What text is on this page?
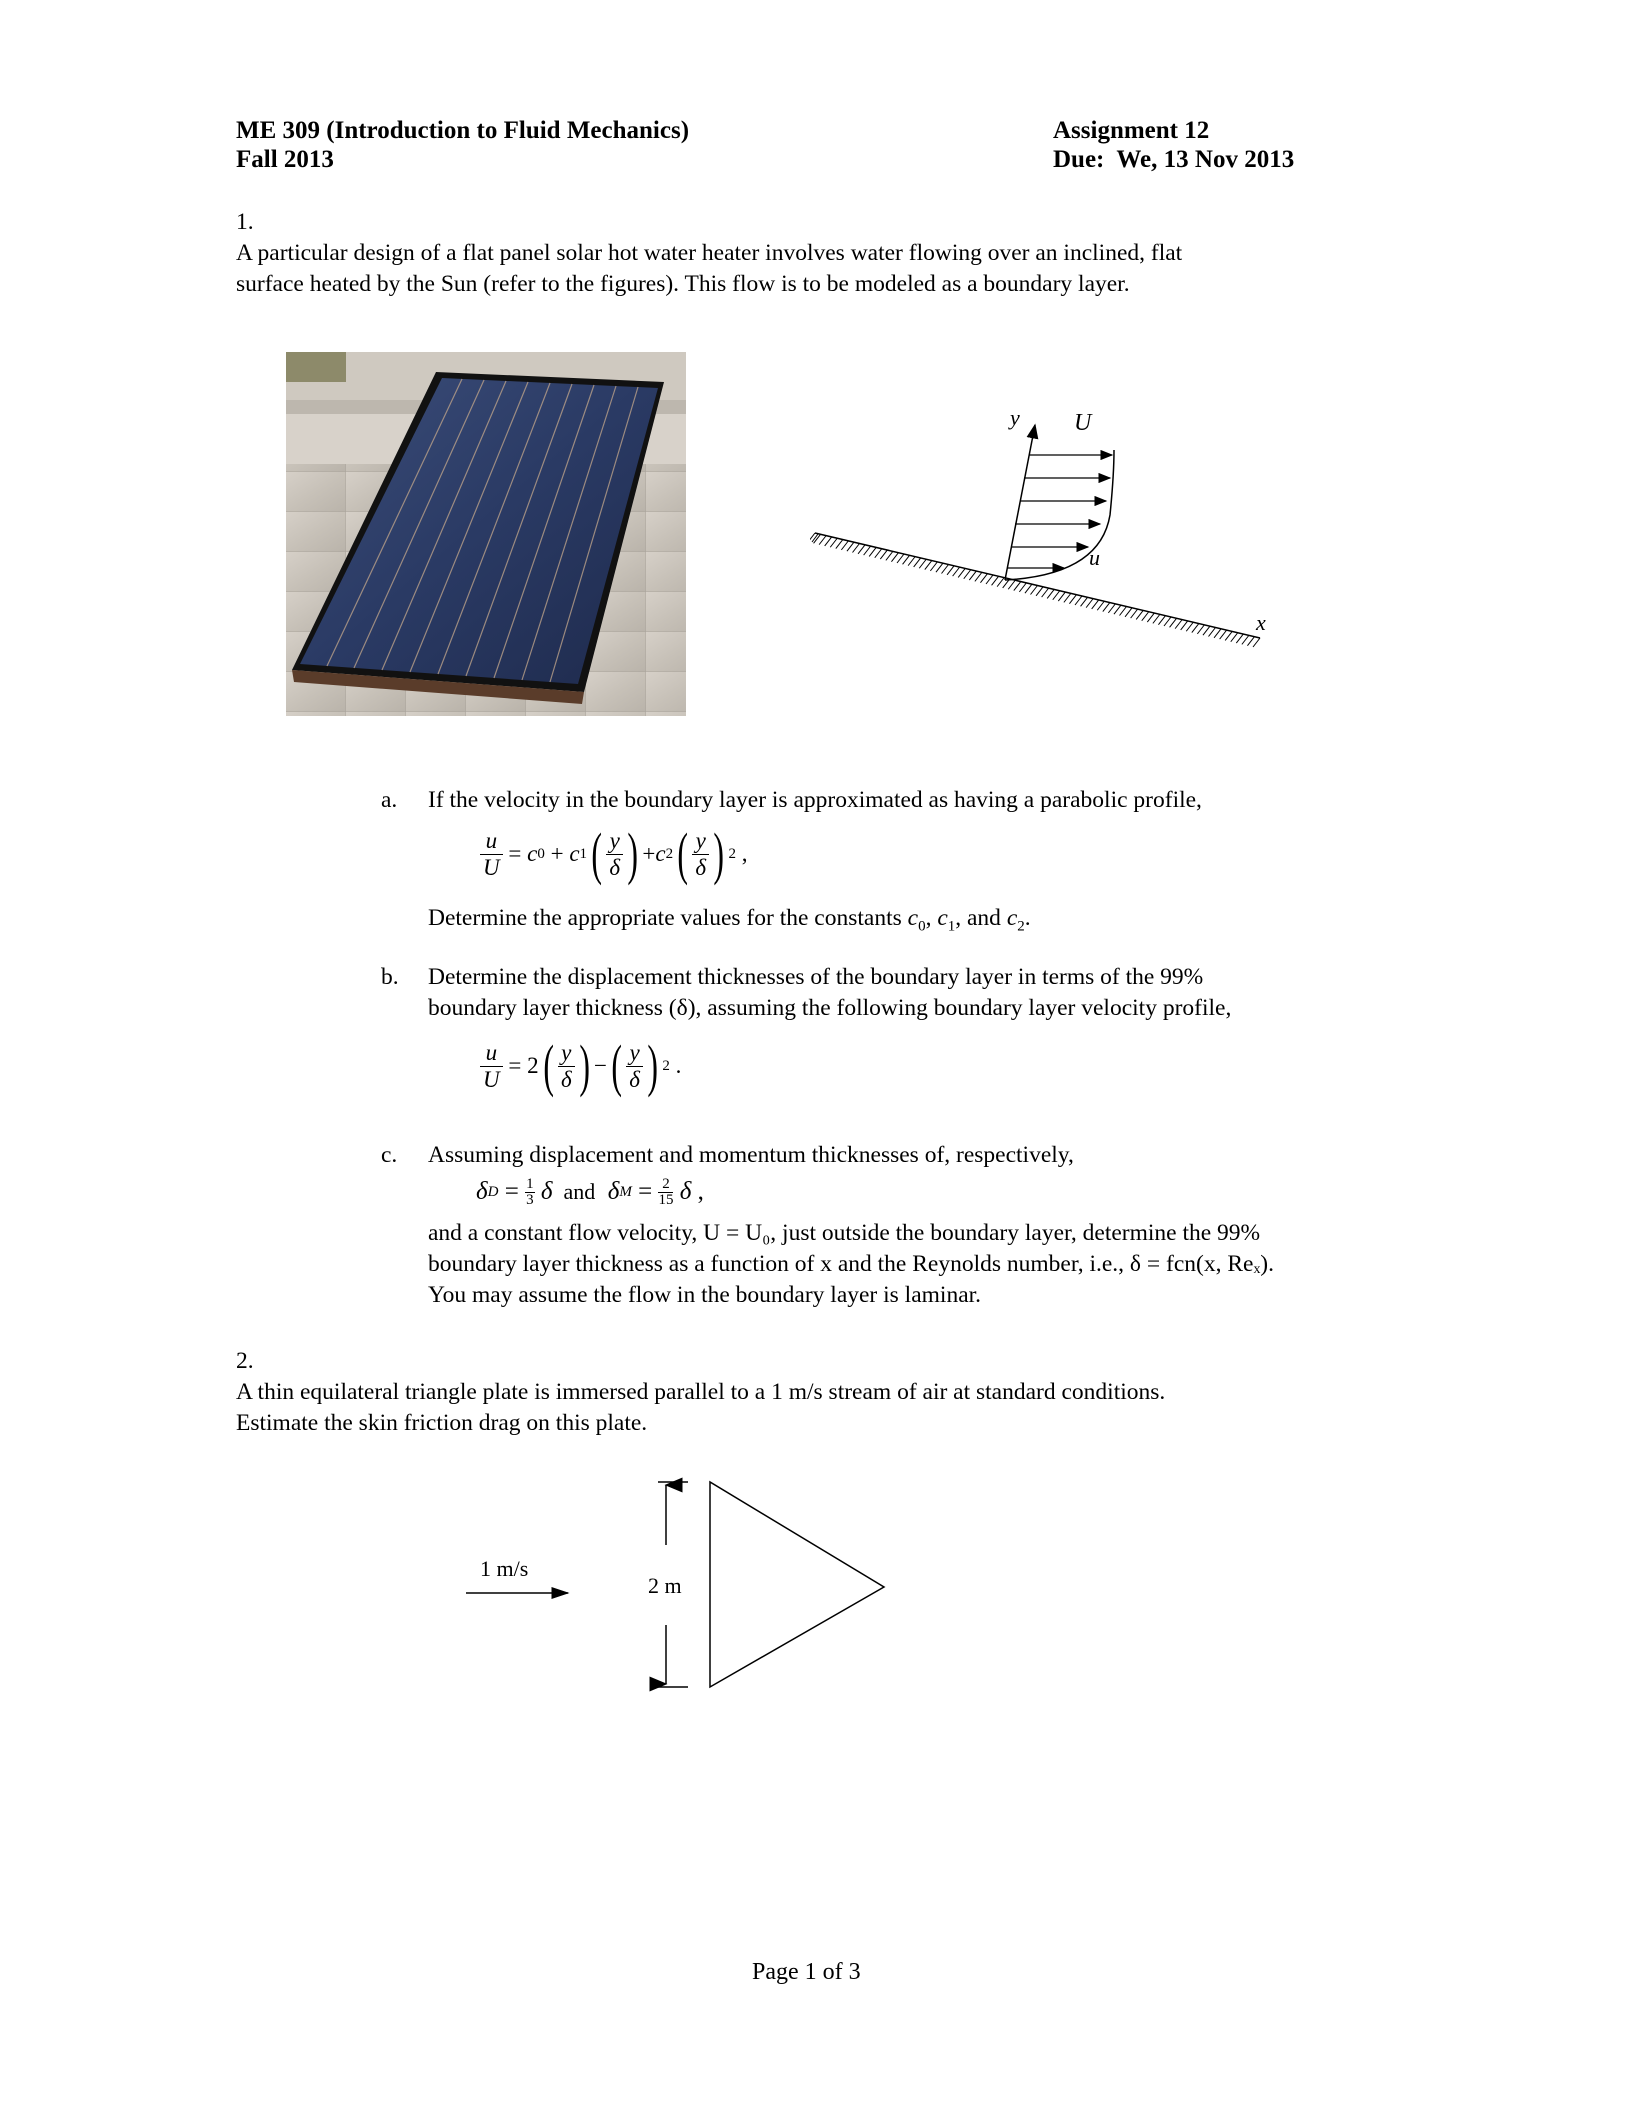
ME 309 (Introduction to Fluid Mechanics)
Fall 2013
Assignment 12
Due:  We, 13 Nov 2013
1.
A particular design of a flat panel solar hot water heater involves water flowing over an inclined, flat
surface heated by the Sun (refer to the figures). This flow is to be modeled as a boundary layer.
y U
u
x
a. If the velocity in the boundary layer is approximated as having a parabolic profile,
$\frac{u}{U} = c$ 0 + c 1 ( $\frac{y}{\delta}$ ) + c 2 ( $\frac{y}{\delta}$ ) 2 ,
Determine the appropriate values for the constants $c_0$, $c_1$, and $c_2$.
b. Determine the displacement thicknesses of the boundary layer in terms of the 99%
boundary layer thickness (δ), assuming the following boundary layer velocity profile,
$\frac{u}{U} = 2$ ( $\frac{y}{\delta}$ ) − ( $\frac{y}{\delta}$ ) 2 .
c. Assuming displacement and momentum thicknesses of, respectively,
δ $D = \frac{1}{3}$ δ
and
δ $M = \frac{2}{15}$ δ ,
and a constant flow velocity, U = U₀, just outside the boundary layer, determine the 99%
boundary layer thickness as a function of x and the Reynolds number, i.e., δ = fcn(x, Reₓ).
You may assume the flow in the boundary layer is laminar.
2.
A thin equilateral triangle plate is immersed parallel to a 1 m/s stream of air at standard conditions.
Estimate the skin friction drag on this plate.
1 m/s
2 m
Page 1 of 3
